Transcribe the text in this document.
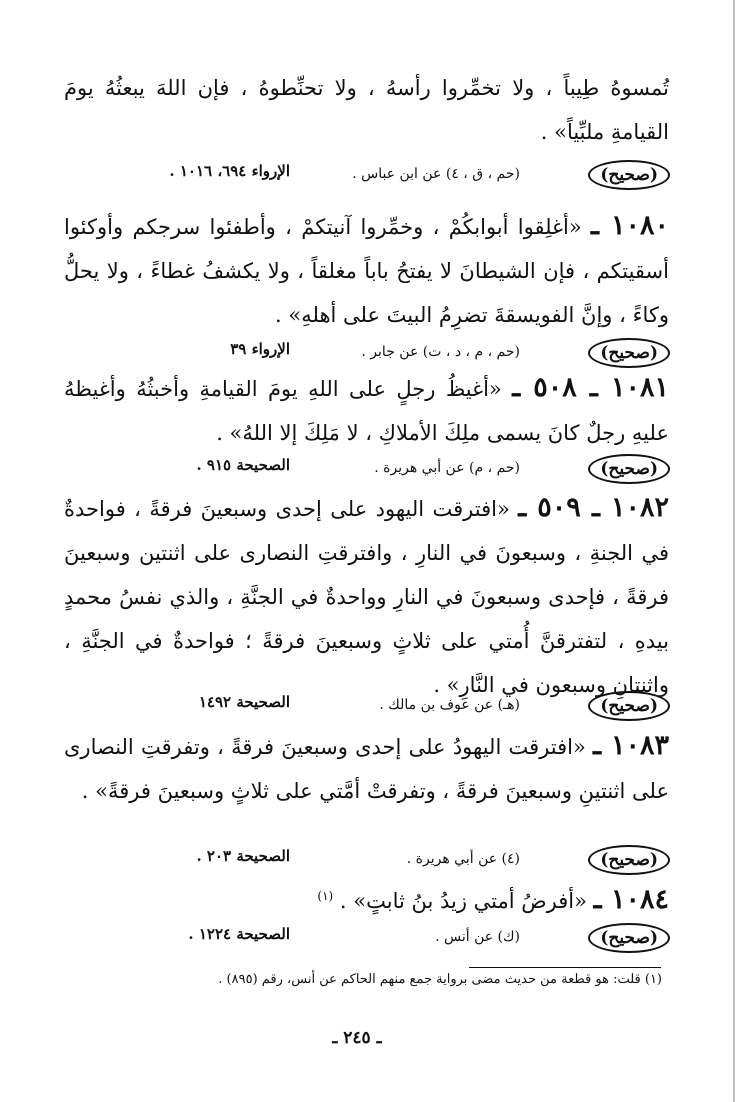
تُمسوهُ طِيباً ، ولا تخمِّروا رأسهُ ، ولا تحنِّطوهُ ، فإن اللهَ يبعثُهُ يومَ القيامةِ ملبِّياً» .
(صحيح)
(حم ، ق ، ٤) عن ابن عباس .
الإرواء ٦٩٤، ١٠١٦ .
١٠٨٠ ـ «أغلِقوا أبوابكُمْ ، وخمِّروا آنيتكمْ ، وأطفئوا سرجكم وأوكئوا أسقيتكم ، فإن الشيطانَ لا يفتحُ باباً مغلقاً ، ولا يكشفُ غطاءً ، ولا يحلُّ وكاءً ، وإنَّ الفويسقةَ تضرِمُ البيتَ على أهلهِ» .
(صحيح)
(حم ، م ، د ، ت) عن جابر .
الإرواء ٣٩
١٠٨١ ـ ٥٠٨ ـ «أغيظُ رجلٍ على اللهِ يومَ القيامةِ وأخبثُهُ وأغيظهُ عليهِ رجلٌ كانَ يسمى ملِكَ الأملاكِ ، لا مَلِكَ إلا اللهُ» .
(صحيح)
(حم ، م) عن أبي هريرة .
الصحيحة ٩١٥ .
١٠٨٢ ـ ٥٠٩ ـ «افترقت اليهود على إحدى وسبعينَ فرقةً ، فواحدةٌ في الجنةِ ، وسبعونَ في النارِ ، وافترقتِ النصارى على اثنتين وسبعينَ فرقةً ، فإحدى وسبعونَ في النارِ وواحدةٌ في الجنَّةِ ، والذي نفسُ محمدٍ بيدهِ ، لتفترقنَّ أُمتي على ثلاثٍ وسبعينَ فرقةً ؛ فواحدةٌ في الجنَّةِ ، واثنتانِ وسبعون في النَّارِ» .
(صحيح)
(هـ) عن عوف بن مالك .
الصحيحة ١٤٩٢
١٠٨٣ ـ «افترقت اليهودُ على إحدى وسبعينَ فرقةً ، وتفرقتِ النصارى على اثنتينِ وسبعينَ فرقةً ، وتفرقتْ أمَّتي على ثلاثٍ وسبعينَ فرقةً» .
(صحيح)
(٤) عن أبي هريرة .
الصحيحة ٢٠٣ .
١٠٨٤ ـ «أفرضُ أمتي زيدُ بنُ ثابتٍ» . $^{(١)}$
(صحيح)
(ك) عن أنس .
الصحيحة ١٢٢٤ .
(١) قلت: هو قطعة من حديث مضى برواية جمع منهم الحاكم عن أنس، رقم (٨٩٥) .
ـ ٢٤٥ ـ
